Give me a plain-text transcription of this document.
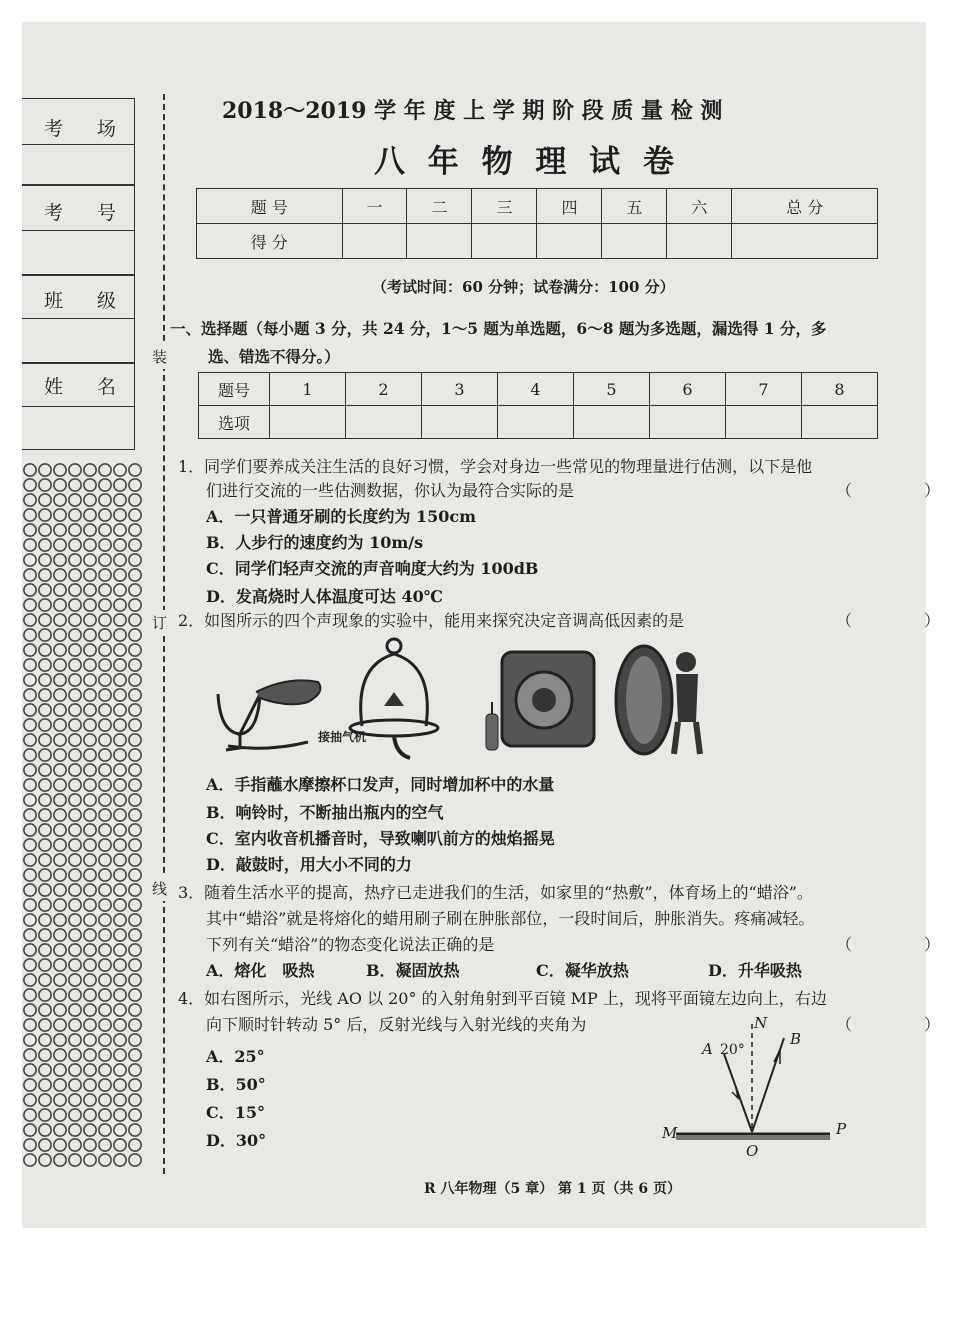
考 场
考 号
班 级
姓 名
装
订
线
2018～2019 学 年 度 上 学 期 阶 段 质 量 检 测
八 年 物 理 试 卷
题 号	一	二	三	四	五	六	总 分
得 分							
（考试时间：60 分钟；试卷满分：100 分）
一、选择题（每小题 3 分，共 24 分，1～5 题为单选题，6～8 题为多选题，漏选得 1 分，多
选、错选不得分。）
题号	1	2	3	4	5	6	7	8
选项								
1．同学们要养成关注生活的良好习惯，学会对身边一些常见的物理量进行估测，以下是他
们进行交流的一些估测数据，你认为最符合实际的是	（　）
A．一只普通牙刷的长度约为 150cm
B．人步行的速度约为 10m/s
C．同学们轻声交流的声音响度大约为 100dB
D．发高烧时人体温度可达 40℃
2．如图所示的四个声现象的实验中，能用来探究决定音调高低因素的是	（　）
接抽气机
A．手指蘸水摩擦杯口发声，同时增加杯中的水量
B．响铃时，不断抽出瓶内的空气
C．室内收音机播音时，导致喇叭前方的烛焰摇晃
D．敲鼓时，用大小不同的力
3．随着生活水平的提高，热疗已走进我们的生活，如家里的“热敷”，体育场上的“蜡浴”。
其中“蜡浴”就是将熔化的蜡用刷子刷在肿胀部位，一段时间后，肿胀消失。疼痛减轻。
下列有关“蜡浴”的物态变化说法正确的是	（　）
A．熔化　吸热	B．凝固放热	C．凝华放热	D．升华吸热
4．如右图所示，光线 AO 以 20° 的入射角射到平百镜 MP 上，现将平面镜左边向上，右边
向下顺时针转动 5° 后，反射光线与入射光线的夹角为	（　）
A．25°
B．50°
C．15°
D．30°
N
A 20°
B
M	P
O
R 八年物理（5 章） 第 1 页（共 6 页）
